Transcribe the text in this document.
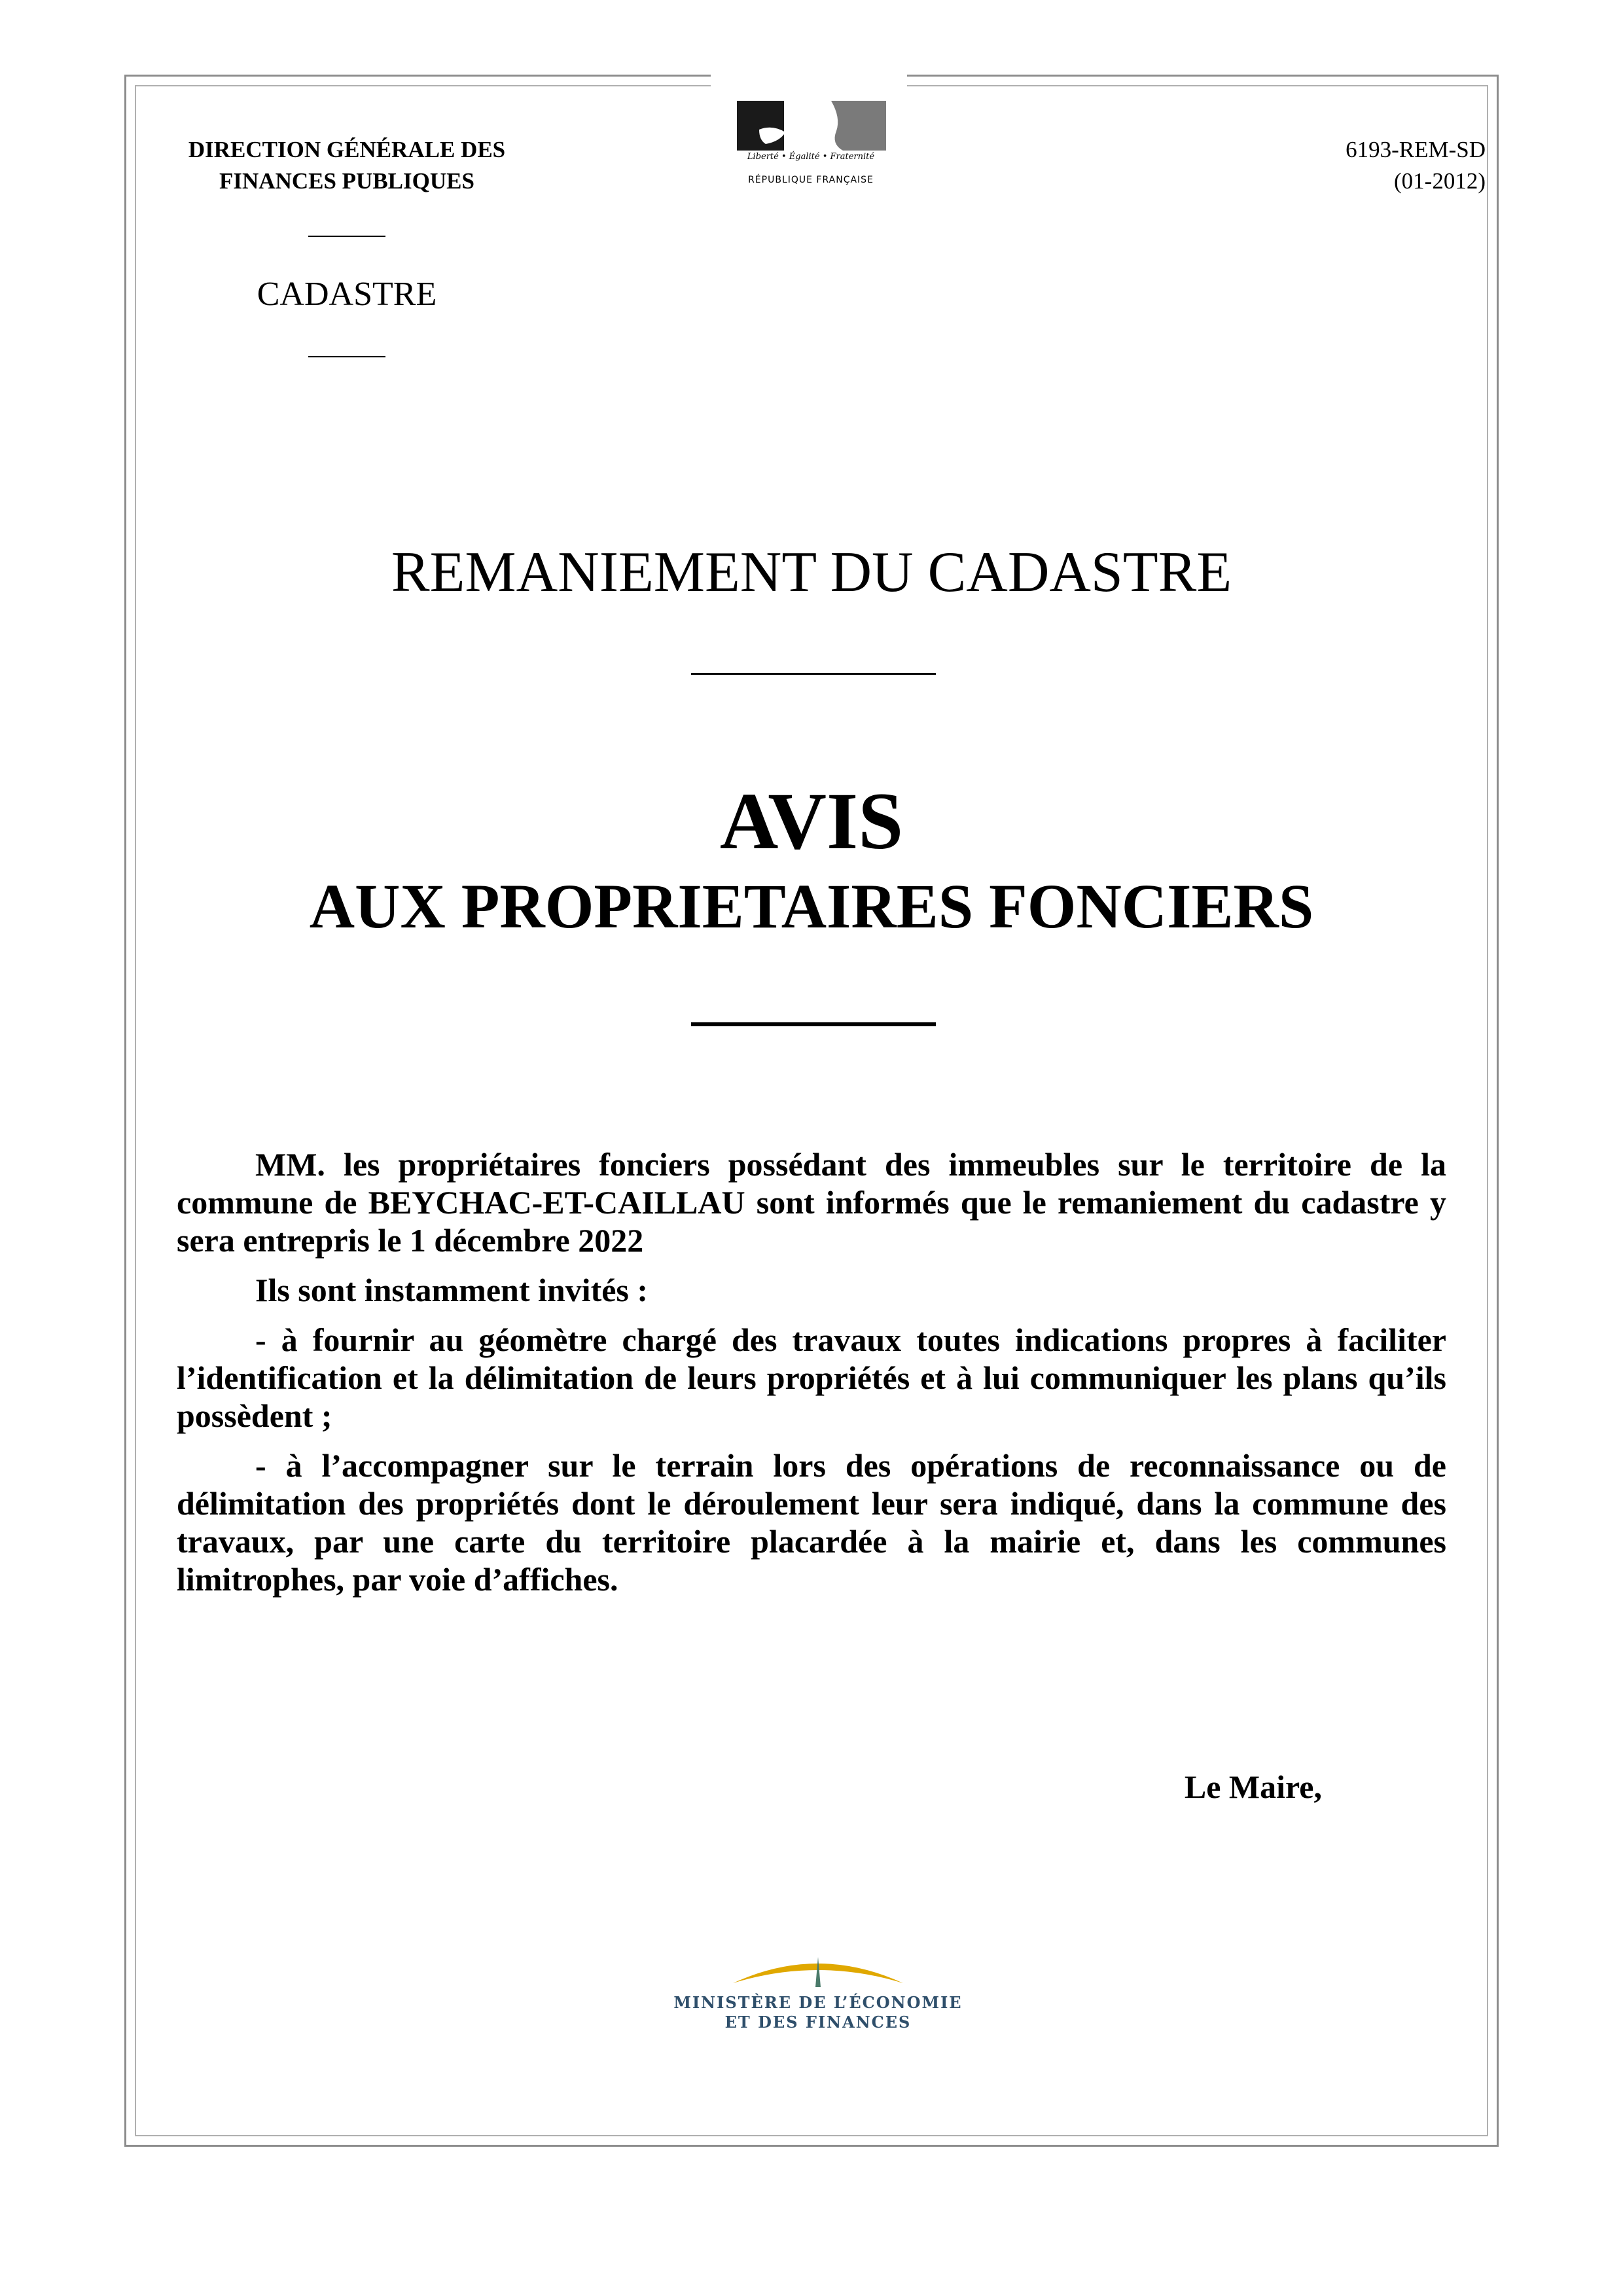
DIRECTION GÉNÉRALE DES
FINANCES PUBLIQUES
CADASTRE
Liberté • Égalité • Fraternité
RÉPUBLIQUE FRANÇAISE
6193-REM-SD
(01-2012)
REMANIEMENT DU CADASTRE
AVIS
AUX PROPRIETAIRES FONCIERS

MM. les propriétaires fonciers possédant des immeubles sur le territoire de la commune de BEYCHAC-ET-CAILLAU sont informés que le remaniement du cadastre y sera entrepris le 1 décembre 2022

Ils sont instamment invités :

- à fournir au géomètre chargé des travaux toutes indications propres à faciliter l’identification et la délimitation de leurs propriétés et à lui communiquer les plans qu’ils possèdent ;

- à l’accompagner sur le terrain lors des opérations de reconnaissance ou de délimitation des propriétés dont le déroulement leur sera indiqué, dans la commune des travaux, par une carte du territoire placardée à la mairie et, dans les communes limitrophes, par voie d’affiches.

Le Maire,
MINISTÈRE DE L’ÉCONOMIE
ET DES FINANCES
